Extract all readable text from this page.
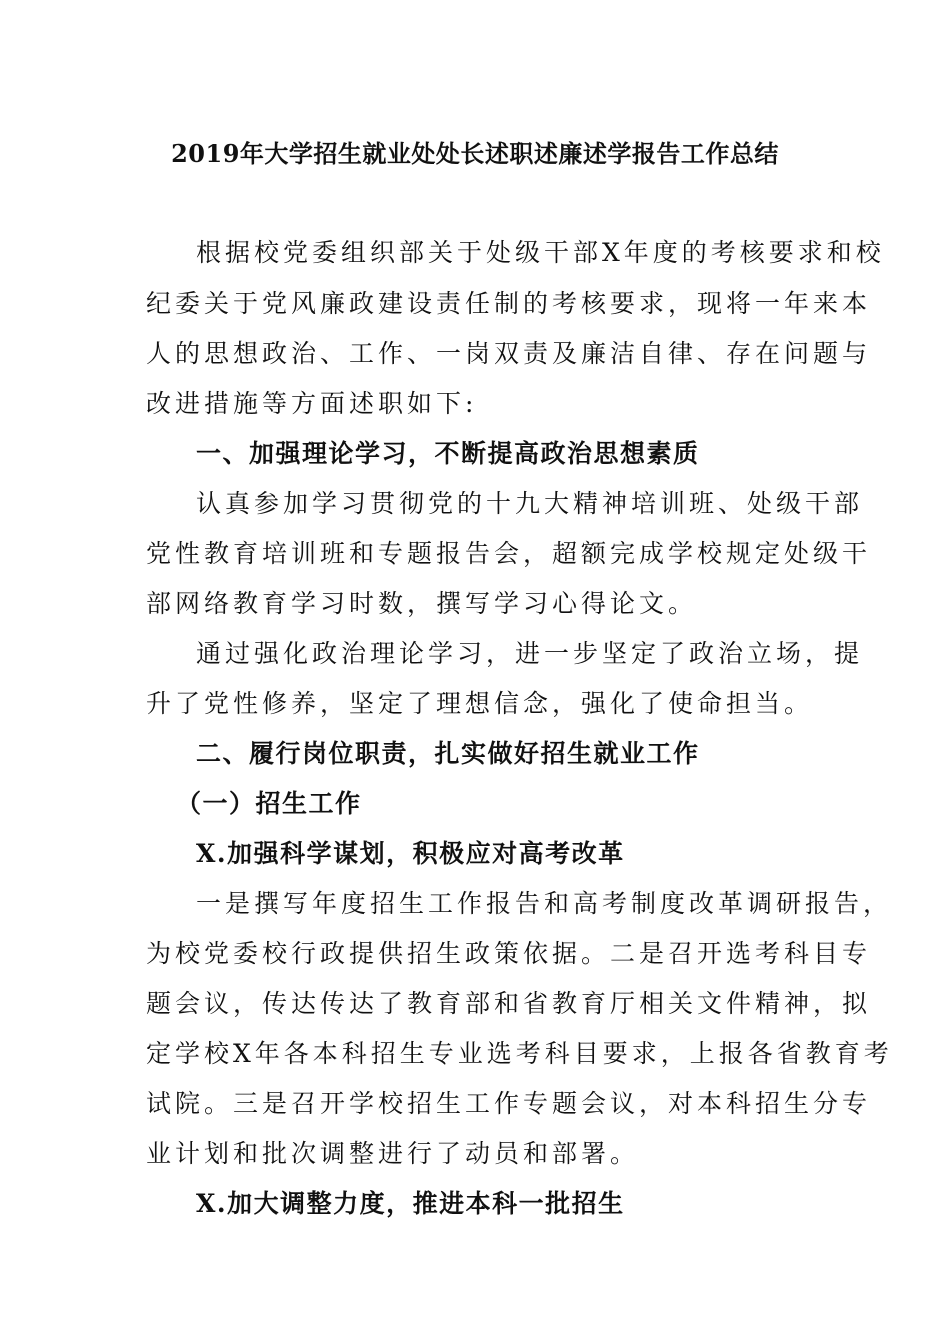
2019年大学招生就业处处长述职述廉述学报告工作总结
根据校党委组织部关于处级干部X年度的考核要求和校
纪委关于党风廉政建设责任制的考核要求，现将一年来本
人的思想政治、工作、一岗双责及廉洁自律、存在问题与
改进措施等方面述职如下:
一、加强理论学习，不断提高政治思想素质
认真参加学习贯彻党的十九大精神培训班、处级干部
党性教育培训班和专题报告会，超额完成学校规定处级干
部网络教育学习时数，撰写学习心得论文。
通过强化政治理论学习，进一步坚定了政治立场，提
升了党性修养，坚定了理想信念，强化了使命担当。
二、履行岗位职责，扎实做好招生就业工作
（一）招生工作
X.加强科学谋划，积极应对高考改革
一是撰写年度招生工作报告和高考制度改革调研报告，
为校党委校行政提供招生政策依据。二是召开选考科目专
题会议，传达传达了教育部和省教育厅相关文件精神，拟
定学校X年各本科招生专业选考科目要求，上报各省教育考
试院。三是召开学校招生工作专题会议，对本科招生分专
业计划和批次调整进行了动员和部署。
X.加大调整力度，推进本科一批招生
